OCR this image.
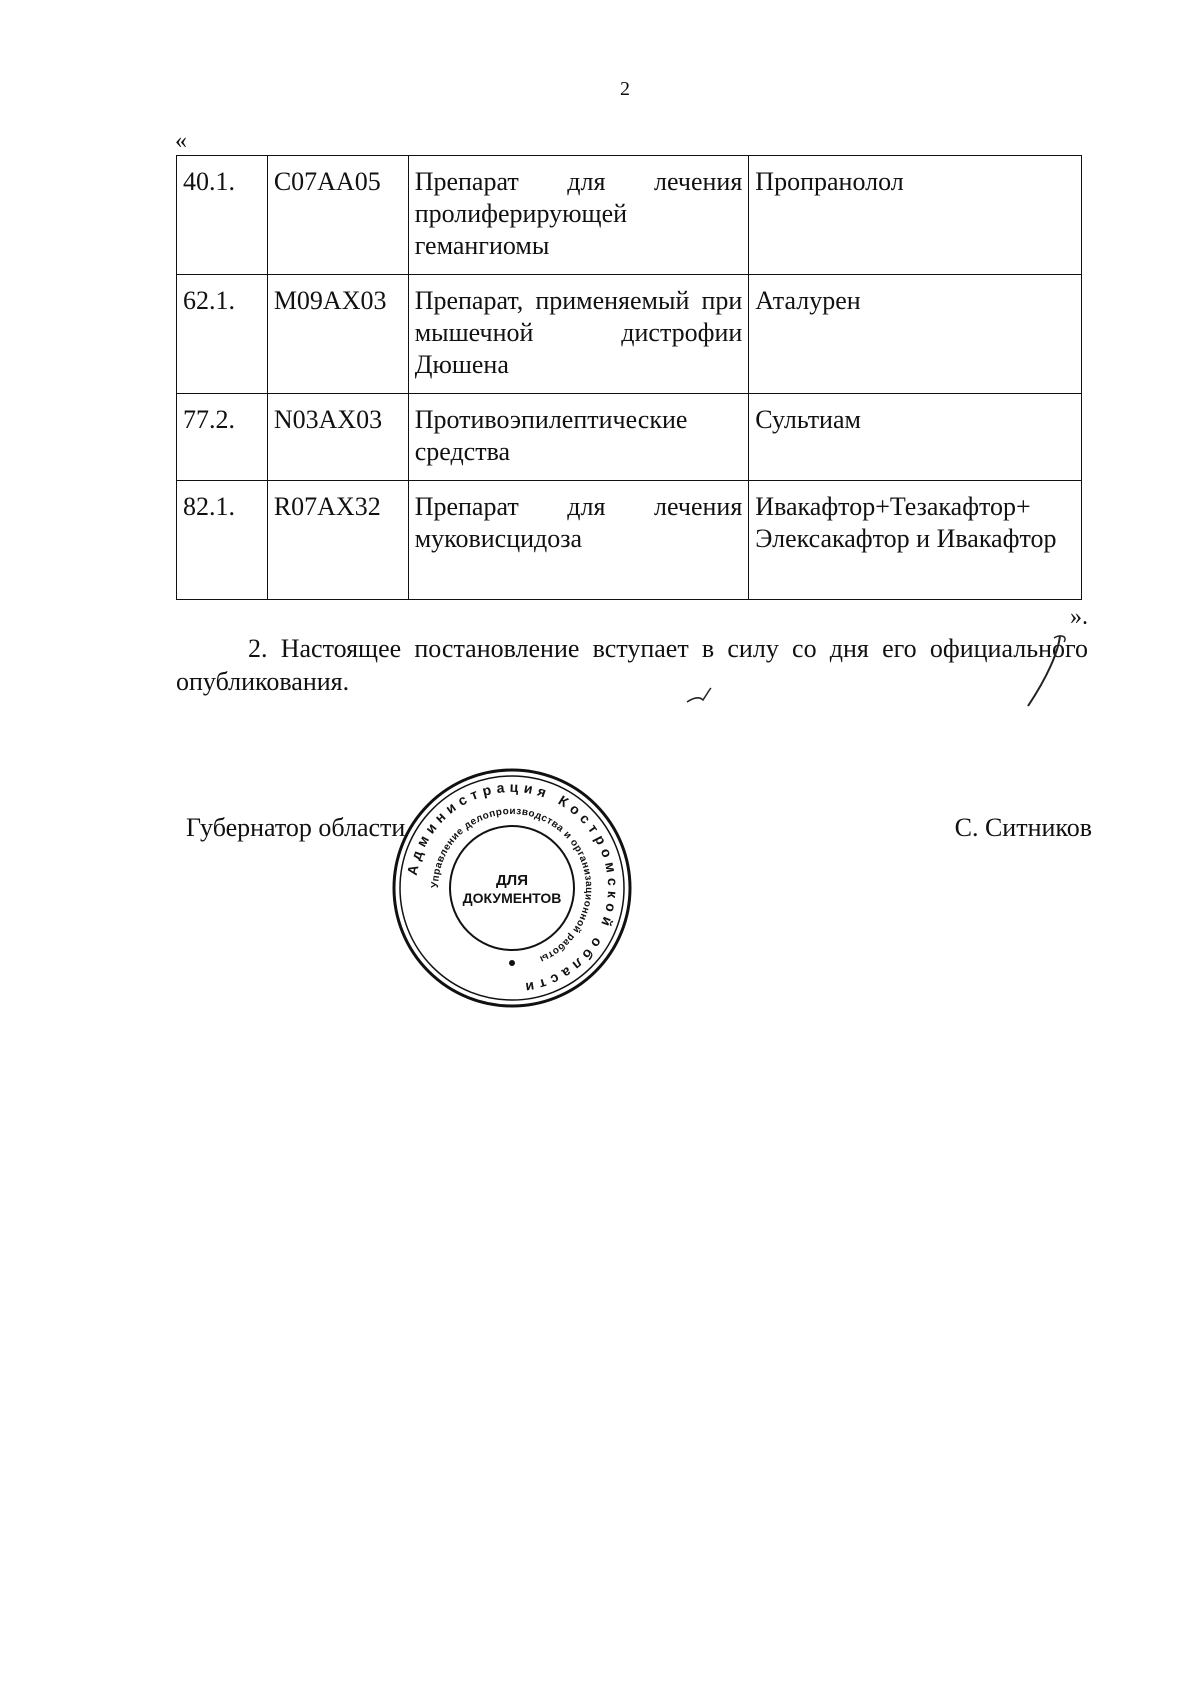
2
«
40.1.	C07AA05	Препарат для лечения пролиферирующей гемангиомы	Пропранолол
62.1.	M09AX03	Препарат, применяемый при мышечной дистрофии Дюшена	Аталурен
77.2.	N03AX03	Противоэпилептические средства	Сультиам
82.1.	R07AX32	Препарат для лечения муковисцидоза	Ивакафтор+Тезакафтор+ Элексакафтор и Ивакафтор
».
2. Настоящее постановление вступает в силу со дня его официального опубликования.
Губернатор области	С. Ситников
Администрация Костромской области
Управление делопроизводства и организационной работы
ДЛЯ
ДОКУМЕНТОВ
